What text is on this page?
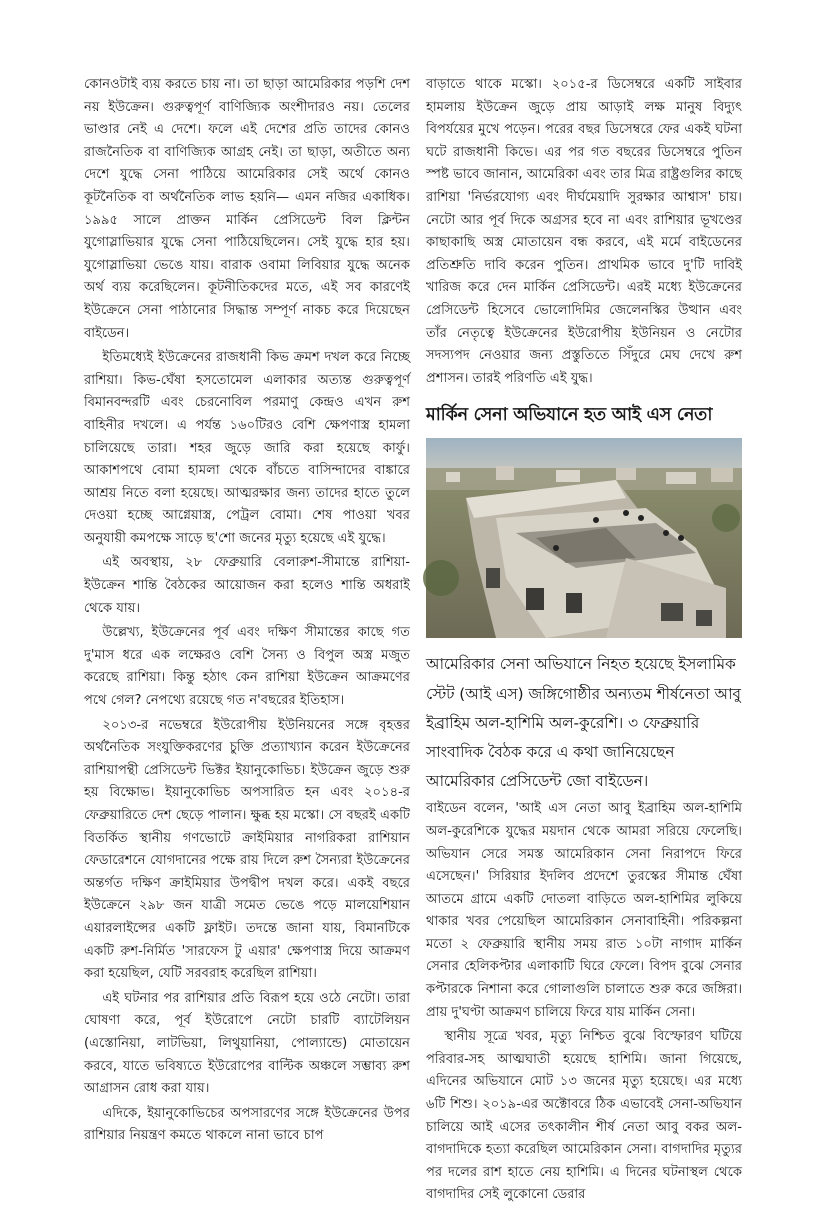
কোনওটাই ব্যয় করতে চায় না। তা ছাড়া আমেরিকার পড়শি দেশ নয় ইউক্রেন। গুরুত্বপূর্ণ বাণিজ্যিক অংশীদারও নয়। তেলের ভাণ্ডার নেই এ দেশে। ফলে এই দেশের প্রতি তাদের কোনও রাজনৈতিক বা বাণিজ্যিক আগ্রহ নেই। তা ছাড়া, অতীতে অন্য দেশে যুদ্ধে সেনা পাঠিয়ে আমেরিকার সেই অর্থে কোনও কূটনৈতিক বা অর্থনৈতিক লাভ হয়নি— এমন নজির একাধিক। ১৯৯৫ সালে প্রাক্তন মার্কিন প্রেসিডেন্ট বিল ক্লিন্টন যুগোস্লাভিয়ার যুদ্ধে সেনা পাঠিয়েছিলেন। সেই যুদ্ধে হার হয়। যুগোস্লাভিয়া ভেঙে যায়। বারাক ওবামা লিবিয়ার যুদ্ধে অনেক অর্থ ব্যয় করেছিলেন। কূটনীতিকদের মতে, এই সব কারণেই ইউক্রেনে সেনা পাঠানোর সিদ্ধান্ত সম্পূর্ণ নাকচ করে দিয়েছেন বাইডেন।

ইতিমধ্যেই ইউক্রেনের রাজধানী কিভ ক্রমশ দখল করে নিচ্ছে রাশিয়া। কিভ-ঘেঁষা হসতোমেল এলাকার অত্যন্ত গুরুত্বপূর্ণ বিমানবন্দরটি এবং চেরনোবিল পরমাণু কেন্দ্রও এখন রুশ বাহিনীর দখলে। এ পর্যন্ত ১৬০টিরও বেশি ক্ষেপণাস্ত্র হামলা চালিয়েছে তারা। শহর জুড়ে জারি করা হয়েছে কার্ফু। আকাশপথে বোমা হামলা থেকে বাঁচতে বাসিন্দাদের বাঙ্কারে আশ্রয় নিতে বলা হয়েছে। আত্মরক্ষার জন্য তাদের হাতে তুলে দেওয়া হচ্ছে আগ্নেয়াস্ত্র, পেট্রল বোমা। শেষ পাওয়া খবর অনুযায়ী কমপক্ষে সাড়ে ছ'শো জনের মৃত্যু হয়েছে এই যুদ্ধে।

এই অবস্থায়, ২৮ ফেব্রুয়ারি বেলারুশ-সীমান্তে রাশিয়া-ইউক্রেন শান্তি বৈঠকের আয়োজন করা হলেও শান্তি অধরাই থেকে যায়।

উল্লেখ্য, ইউক্রেনের পূর্ব এবং দক্ষিণ সীমান্তের কাছে গত দু'মাস ধরে এক লক্ষেরও বেশি সৈন্য ও বিপুল অস্ত্র মজুত করেছে রাশিয়া। কিন্তু হঠাৎ কেন রাশিয়া ইউক্রেন আক্রমণের পথে গেল? নেপথ্যে রয়েছে গত ন'বছরের ইতিহাস।

২০১৩-র নভেম্বরে ইউরোপীয় ইউনিয়নের সঙ্গে বৃহত্তর অর্থনৈতিক সংযুক্তিকরণের চুক্তি প্রত্যাখ্যান করেন ইউক্রেনের রাশিয়াপন্থী প্রেসিডেন্ট ভিক্টর ইয়ানুকোভিচ। ইউক্রেন জুড়ে শুরু হয় বিক্ষোভ। ইয়ানুকোভিচ অপসারিত হন এবং ২০১৪-র ফেব্রুয়ারিতে দেশ ছেড়ে পালান। ক্ষুব্ধ হয় মস্কো। সে বছরই একটি বিতর্কিত স্থানীয় গণভোটে ক্রাইমিয়ার নাগরিকরা রাশিয়ান ফেডারেশনে যোগদানের পক্ষে রায় দিলে রুশ সৈন্যরা ইউক্রেনের অন্তর্গত দক্ষিণ ক্রাইমিয়ার উপদ্বীপ দখল করে। একই বছরে ইউক্রেনে ২৯৮ জন যাত্রী সমেত ভেঙে পড়ে মালয়েশিয়ান এয়ারলাইন্সের একটি ফ্লাইট। তদন্তে জানা যায়, বিমানটিকে একটি রুশ-নির্মিত 'সারফেস টু এয়ার' ক্ষেপণাস্ত্র দিয়ে আক্রমণ করা হয়েছিল, যেটি সরবরাহ করেছিল রাশিয়া।

এই ঘটনার পর রাশিয়ার প্রতি বিরূপ হয়ে ওঠে নেটো। তারা ঘোষণা করে, পূর্ব ইউরোপে নেটো চারটি ব্যাটেলিয়ন (এস্তোনিয়া, লাটভিয়া, লিথুয়ানিয়া, পোল্যান্ডে) মোতায়েন করবে, যাতে ভবিষ্যতে ইউরোপের বাল্টিক অঞ্চলে সম্ভাব্য রুশ আগ্রাসন রোধ করা যায়।

এদিকে, ইয়ানুকোভিচের অপসারণের সঙ্গে ইউক্রেনের উপর রাশিয়ার নিয়ন্ত্রণ কমতে থাকলে নানা ভাবে চাপ

বাড়াতে থাকে মস্কো। ২০১৫-র ডিসেম্বরে একটি সাইবার হামলায় ইউক্রেন জুড়ে প্রায় আড়াই লক্ষ মানুষ বিদ্যুৎ বিপর্যয়ের মুখে পড়েন। পরের বছর ডিসেম্বরে ফের একই ঘটনা ঘটে রাজধানী কিভে। এর পর গত বছরের ডিসেম্বরে পুতিন স্পষ্ট ভাবে জানান, আমেরিকা এবং তার মিত্র রাষ্ট্রগুলির কাছে রাশিয়া 'নির্ভরযোগ্য এবং দীর্ঘমেয়াদি সুরক্ষার আশ্বাস' চায়। নেটো আর পূর্ব দিকে অগ্রসর হবে না এবং রাশিয়ার ভূখণ্ডের কাছাকাছি অস্ত্র মোতায়েন বন্ধ করবে, এই মর্মে বাইডেনের প্রতিশ্রুতি দাবি করেন পুতিন। প্রাথমিক ভাবে দু'টি দাবিই খারিজ করে দেন মার্কিন প্রেসিডেন্ট। এরই মধ্যে ইউক্রেনের প্রেসিডেন্ট হিসেবে ভোলোদিমির জেলেনস্কির উত্থান এবং তাঁর নেতৃত্বে ইউক্রেনের ইউরোপীয় ইউনিয়ন ও নেটোর সদস্যপদ নেওয়ার জন্য প্রস্তুতিতে সিঁদুরে মেঘ দেখে রুশ প্রশাসন। তারই পরিণতি এই যুদ্ধ।

মার্কিন সেনা অভিযানে হত আই এস নেতা

আমেরিকার সেনা অভিযানে নিহত হয়েছে ইসলামিক স্টেট (আই এস) জঙ্গিগোষ্ঠীর অন্যতম শীর্ষনেতা আবু ইব্রাহিম অল-হাশিমি অল-কুরেশি। ৩ ফেব্রুয়ারি সাংবাদিক বৈঠক করে এ কথা জানিয়েছেন আমেরিকার প্রেসিডেন্ট জো বাইডেন।

বাইডেন বলেন, 'আই এস নেতা আবু ইব্রাহিম অল-হাশিমি অল-কুরেশিকে যুদ্ধের ময়দান থেকে আমরা সরিয়ে ফেলেছি। অভিযান সেরে সমস্ত আমেরিকান সেনা নিরাপদে ফিরে এসেছেন।' সিরিয়ার ইদলিব প্রদেশে তুরস্কের সীমান্ত ঘেঁষা আতমে গ্রামে একটি দোতলা বাড়িতে অল-হাশিমির লুকিয়ে থাকার খবর পেয়েছিল আমেরিকান সেনাবাহিনী। পরিকল্পনা মতো ২ ফেব্রুয়ারি স্থানীয় সময় রাত ১০টা নাগাদ মার্কিন সেনার হেলিকপ্টার এলাকাটি ঘিরে ফেলে। বিপদ বুঝে সেনার কপ্টারকে নিশানা করে গোলাগুলি চালাতে শুরু করে জঙ্গিরা। প্রায় দু'ঘণ্টা আক্রমণ চালিয়ে ফিরে যায় মার্কিন সেনা।

স্থানীয় সূত্রে খবর, মৃত্যু নিশ্চিত বুঝে বিস্ফোরণ ঘটিয়ে পরিবার-সহ আত্মঘাতী হয়েছে হাশিমি। জানা গিয়েছে, এদিনের অভিযানে মোট ১৩ জনের মৃত্যু হয়েছে। এর মধ্যে ৬টি শিশু। ২০১৯-এর অক্টোবরে ঠিক এভাবেই সেনা-অভিযান চালিয়ে আই এসের তৎকালীন শীর্ষ নেতা আবু বকর অল-বাগদাদিকে হত্যা করেছিল আমেরিকান সেনা। বাগদাদির মৃত্যুর পর দলের রাশ হাতে নেয় হাশিমি। এ দিনের ঘটনাস্থল থেকে বাগদাদির সেই লুকোনো ডেরার
